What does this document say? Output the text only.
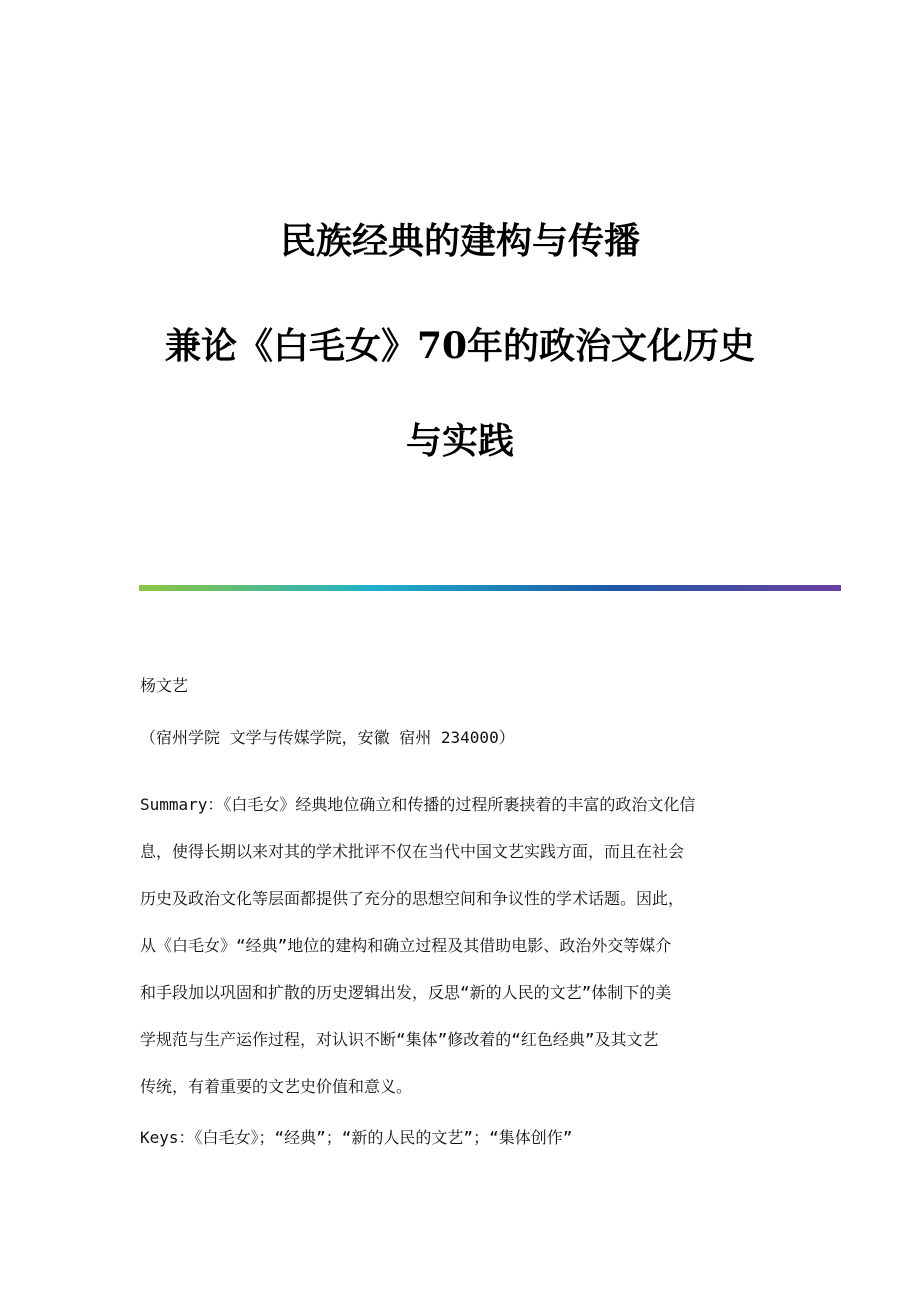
民族经典的建构与传播
兼论《白毛女》70年的政治文化历史
与实践
杨文艺
（宿州学院 文学与传媒学院，安徽 宿州 234000）
Summary：《白毛女》经典地位确立和传播的过程所裹挟着的丰富的政治文化信
息，使得长期以来对其的学术批评不仅在当代中国文艺实践方面，而且在社会
历史及政治文化等层面都提供了充分的思想空间和争议性的学术话题。因此，
从《白毛女》“经典”地位的建构和确立过程及其借助电影、政治外交等媒介
和手段加以巩固和扩散的历史逻辑出发，反思“新的人民的文艺”体制下的美
学规范与生产运作过程，对认识不断“集体”修改着的“红色经典”及其文艺
传统，有着重要的文艺史价值和意义。
Keys：《白毛女》；“经典”；“新的人民的文艺”；“集体创作”
